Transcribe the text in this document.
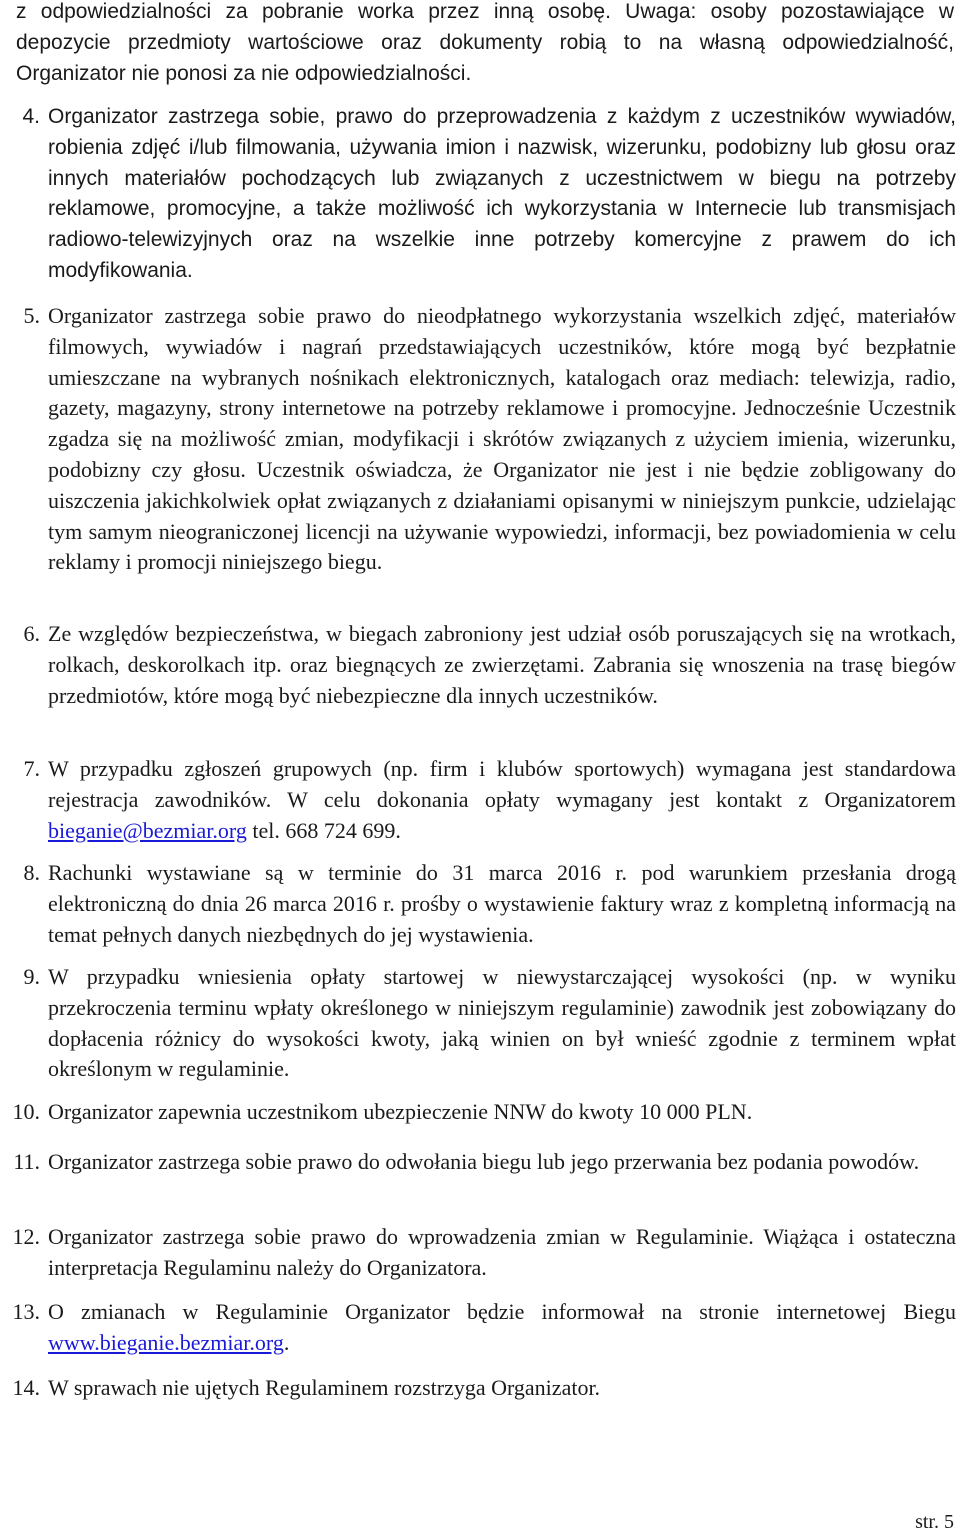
z odpowiedzialności za pobranie worka przez inną osobę. Uwaga: osoby pozostawiające w depozycie przedmioty wartościowe oraz dokumenty robią to na własną odpowiedzialność, Organizator nie ponosi za nie odpowiedzialności.

4. Organizator zastrzega sobie, prawo do przeprowadzenia z każdym z uczestników wywiadów, robienia zdjęć i/lub filmowania, używania imion i nazwisk, wizerunku, podobizny lub głosu oraz innych materiałów pochodzących lub związanych z uczestnictwem w biegu na potrzeby reklamowe, promocyjne, a także możliwość ich wykorzystania w Internecie lub transmisjach radiowo-telewizyjnych oraz na wszelkie inne potrzeby komercyjne z prawem do ich modyfikowania.
5. Organizator zastrzega sobie prawo do nieodpłatnego wykorzystania wszelkich zdjęć, materiałów filmowych, wywiadów i nagrań przedstawiających uczestników, które mogą być bezpłatnie umieszczane na wybranych nośnikach elektronicznych, katalogach oraz mediach: telewizja, radio, gazety, magazyny, strony internetowe na potrzeby reklamowe i promocyjne. Jednocześnie Uczestnik zgadza się na możliwość zmian, modyfikacji i skrótów związanych z użyciem imienia, wizerunku, podobizny czy głosu. Uczestnik oświadcza, że Organizator nie jest i nie będzie zobligowany do uiszczenia jakichkolwiek opłat związanych z działaniami opisanymi w niniejszym punkcie, udzielając tym samym nieograniczonej licencji na używanie wypowiedzi, informacji, bez powiadomienia w celu reklamy i promocji niniejszego biegu.
6. Ze względów bezpieczeństwa, w biegach zabroniony jest udział osób poruszających się na wrotkach, rolkach, deskorolkach itp. oraz biegnących ze zwierzętami. Zabrania się wnoszenia na trasę biegów przedmiotów, które mogą być niebezpieczne dla innych uczestników.
7. W przypadku zgłoszeń grupowych (np. firm i klubów sportowych) wymagana jest standardowa rejestracja zawodników. W celu dokonania opłaty wymagany jest kontakt z Organizatorem bieganie@bezmiar.org tel. 668 724 699.
8. Rachunki wystawiane są w terminie do 31 marca 2016 r. pod warunkiem przesłania drogą elektroniczną do dnia 26 marca 2016 r. prośby o wystawienie faktury wraz z kompletną informacją na temat pełnych danych niezbędnych do jej wystawienia.
9. W przypadku wniesienia opłaty startowej w niewystarczającej wysokości (np. w wyniku przekroczenia terminu wpłaty określonego w niniejszym regulaminie) zawodnik jest zobowiązany do dopłacenia różnicy do wysokości kwoty, jaką winien on był wnieść zgodnie z terminem wpłat określonym w regulaminie.
10. Organizator zapewnia uczestnikom ubezpieczenie NNW do kwoty 10 000 PLN.
11. Organizator zastrzega sobie prawo do odwołania biegu lub jego przerwania bez podania powodów.
12. Organizator zastrzega sobie prawo do wprowadzenia zmian w Regulaminie. Wiążąca i ostateczna interpretacja Regulaminu należy do Organizatora.
13. O zmianach w Regulaminie Organizator będzie informował na stronie internetowej Biegu www.bieganie.bezmiar.org.
14. W sprawach nie ujętych Regulaminem rozstrzyga Organizator.
str. 5
